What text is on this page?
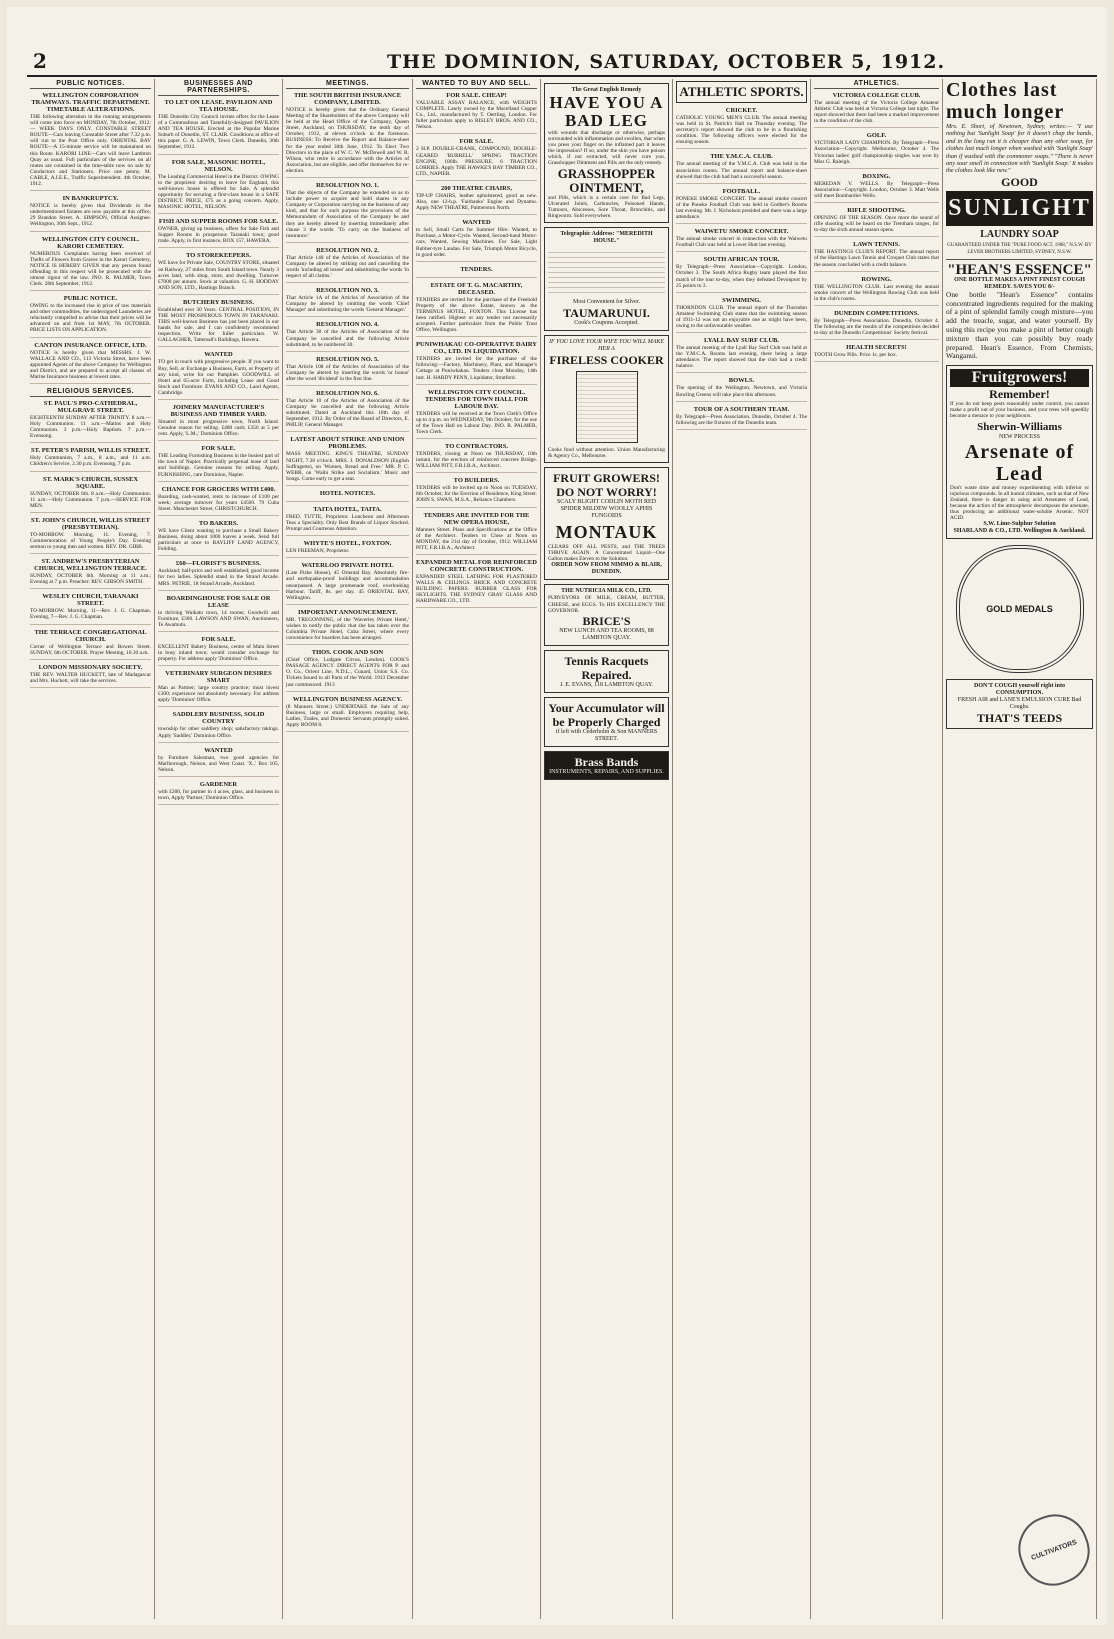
2	THE DOMINION, SATURDAY, OCTOBER 5, 1912.
PUBLIC NOTICES.
WELLINGTON CORPORATION TRAMWAYS. TRAFFIC DEPARTMENT. TIMETABLE ALTERATIONS.
THE following alteration in the running arrangements will come into force on MONDAY, 7th October, 1912:— WEEK DAYS ONLY. CONSTABLE STREET ROUTE—Cars leaving Constable Street after 7.32 p.m. will run to the Post Office only. ORIENTAL BAY ROUTE—A 15-minute service will be maintained on this Route. KARORI LINE—Cars will leave Lambton Quay as usual. Full particulars of the services on all routes are contained in the time-table now on sale by Conductors and Stationers. Price one penny. M. CABLE, A.I.E.E., Traffic Superintendent. 4th October, 1912.
IN BANKRUPTCY.
NOTICE is hereby given that Dividends in the undermentioned Estates are now payable at this office, 29 Brandon Street. A. SIMPSON, Official Assignee. Wellington, 30th Sept., 1912.
WELLINGTON CITY COUNCIL. KARORI CEMETERY.
NUMEROUS Complaints having been received of Thefts of Flowers from Graves in the Karori Cemetery, NOTICE IS HEREBY GIVEN that any person found offending in this respect will be prosecuted with the utmost rigour of the law. JNO. R. PALMER, Town Clerk. 28th September, 1912.
PUBLIC NOTICE.
OWING to the increased rise in price of raw materials and other commodities, the undersigned Launderies are reluctantly compelled to advise that their prices will be advanced on and from 1st MAY, 7th OCTOBER. PRICE LISTS ON APPLICATION.
CANTON INSURANCE OFFICE, LTD.
NOTICE is hereby given that MESSRS. J. W. WALLACE AND CO., 113 Victoria Street, have been appointed Agents of the above Company for Wellington and District, and are prepared to accept all classes of Marine Insurance business at lowest rates.
RELIGIOUS SERVICES.
ST. PAUL'S PRO-CATHEDRAL, MULGRAVE STREET.
EIGHTEENTH SUNDAY AFTER TRINITY. 8 a.m.—Holy Communion. 11 a.m.—Matins and Holy Communion. 3 p.m.—Holy Baptism. 7 p.m.—Evensong.
ST. PETER'S PARISH, WILLIS STREET.
Holy Communion, 7 a.m., 8 a.m., and 11 a.m. Children's Service, 2.30 p.m. Evensong, 7 p.m.
ST. MARK'S CHURCH, SUSSEX SQUARE.
SUNDAY, OCTOBER 6th. 8 a.m.—Holy Communion. 11 a.m.—Holy Communion. 7 p.m.—SERVICE FOR MEN.
ST. JOHN'S CHURCH, WILLIS STREET (PRESBYTERIAN).
TO-MORROW. Morning, 11. Evening, 7. Commemoration of Young People's Day. Evening sermon to young men and women. REV. DR. GIBB.
ST. ANDREW'S PRESBYTERIAN CHURCH, WELLINGTON TERRACE.
SUNDAY, OCTOBER 6th. Morning at 11 a.m.; Evening at 7 p.m. Preacher: REV. GIBSON SMITH.
WESLEY CHURCH, TARANAKI STREET.
TO-MORROW. Morning, 11—Rev. J. G. Chapman. Evening, 7—Rev. J. G. Chapman.
THE TERRACE CONGREGATIONAL CHURCH.
Corner of Wellington Terrace and Bowen Street. SUNDAY, 6th OCTOBER. Prayer Meeting, 10.30 a.m.
LONDON MISSIONARY SOCIETY.
THE REV. WALTER HUCKETT, late of Madagascar and Mrs. Huckett, will take the services.
BUSINESSES AND PARTNERSHIPS.
TO LET ON LEASE. PAVILION AND TEA HOUSE.
THE Dunedin City Council invites offers for the Lease of a Commodious and Tastefully-designed PAVILION AND TEA HOUSE, Erected at the Popular Marine Suburb of Dunedin, ST. CLAIR. Conditions at office of this paper. G. A. LEWIN, Town Clerk. Dunedin, 30th September, 1912.
FOR SALE, MASONIC HOTEL, NELSON.
The Leading Commercial Hotel in the District. OWING to the proprietor desiring to leave for England, this well-known house is offered for Sale. A splendid opportunity for securing a first-class house in a SAFE DISTRICT. PRICE, £75 as a going concern. Apply, MASONIC HOTEL, NELSON.
FISH AND SUPPER ROOMS FOR SALE.
OWNER, giving up business, offers for Sale Fish and Supper Rooms in prosperous Taranaki town; good trade. Apply, in first instance, BOX 157, HAWERA.
TO STOREKEEPERS.
WE have for Private Sale, COUNTRY STORE, situated on Railway, 27 miles from South Island town. Nearly 3 acres land, with shop, store, and dwelling. Turnover £7000 per annum. Stock at valuation. G. H. HODDAY AND SON, LTD., Hastings Branch.
BUTCHERY BUSINESS.
Established over 30 Years. CENTRAL POSITION, IN THE MOST PROSPEROUS TOWN IN TARANAKI. THIS well-known Business has just been placed in our hands for sale, and I can confidently recommend inspection. Write for fuller particulars. W. GALLAGHER, Tattersall's Buildings, Hawera.
WANTED
TO get in touch with progressive people. If you want to Buy, Sell, or Exchange a Business, Farm, or Property of any kind, write for our Pamphlet. GOODWILL of Hotel and 65-acre Farm, including Lease and Good Stock and Furniture. EVANS AND CO., Land Agents, Cambridge.
JOINERY MANUFACTURER'S BUSINESS AND TIMBER YARD.
Situated in most progressive town, North Island. Genuine reason for selling. £480 cash; £350 at 5 per cent. Apply, 'L.M.,' Dominion Office.
FOR SALE.
THE Leading Furnishing Business in the busiest part of the town of Napier. Practically perpetual lease of land and buildings. Genuine reasons for selling. Apply, FURNISHING, care Dominion, Napier.
CHANCE FOR GROCERS WITH £400.
Boarding, cash-wanted, rents to increase of £100 per week; average turnover for years £4500. 79 Cuba Street. Manchester Street, CHRISTCHURCH.
TO BAKERS.
WE have Client wanting to purchase a Small Bakery Business, doing about 1000 loaves a week. Send full particulars at once to BAYLIFF LAND AGENCY, Feilding.
£60—FLORIST'S BUSINESS.
Auckland; half-price and well established; good income for two ladies. Splendid stand in the Strand Arcade. MRS. PETRIE, 18 Strand Arcade, Auckland.
BOARDINGHOUSE FOR SALE OR LEASE
in thriving Waikato town, 14 rooms; Goodwill and Furniture, £300. LAWSON AND SWAN, Auctioneers, Te Awamutu.
FOR SALE.
EXCELLENT Bakery Business, centre of Main Street in busy inland town; would consider exchange for property. For address apply 'Dominion' Office.
VETERINARY SURGEON DESIRES SMART
Man as Partner; large country practice; must invest £300; experience not absolutely necessary. For address apply 'Dominion' Office.
SADDLERY BUSINESS, SOLID COUNTRY
township for other saddlery shop; satisfactory takings. Apply 'Saddler,' Dominion Office.
WANTED
by Furniture Salesman, two good agencies for Marlborough, Nelson, and West Coast. 'X.,' Box 105, Nelson.
GARDENER
with £200, for partner in 4 acres, glass, and business in town, Apply 'Partner,' Dominion Office.
MEETINGS.
THE SOUTH BRITISH INSURANCE COMPANY, LIMITED.
NOTICE is hereby given that the Ordinary General Meeting of the Shareholders of the above Company will be held at the Head Office of the Company, Queen Street, Auckland, on THURSDAY, the tenth day of October, 1912, at eleven o'clock in the forenoon. BUSINESS: To Receive the Report and Balance-sheet for the year ended 30th June, 1912. To Elect Two Directors in the place of W. C. W. McDowell and W. R. Wilson, who retire in accordance with the Articles of Association, but are eligible, and offer themselves for re-election.
RESOLUTION NO. 1.
That the objects of the Company be extended so as to include power to acquire and hold shares in any Company or Corporation carrying on the business of any kind, and that for such purpose the provisions of the Memorandum of Association of the Company be and they are hereby altered by inserting immediately after clause 3 the words: 'To carry on the business of insurance.'
RESOLUTION NO. 2.
That Article 140 of the Articles of Association of the Company be altered by striking out and cancelling the words 'including all losses' and substituting the words 'in respect of all claims.'
RESOLUTION NO. 3.
That Article 1A of the Articles of Association of the Company be altered by omitting the words 'Chief Manager' and substituting the words 'General Manager.'
RESOLUTION NO. 4.
That Article 30 of the Articles of Association of the Company be cancelled and the following Article substituted, to be numbered 30.
RESOLUTION NO. 5.
That Article 108 of the Articles of Association of the Company be altered by inserting the words 'or bonus' after the word 'dividend' in the first line.
RESOLUTION NO. 6.
That Article 10 of the Articles of Association of the Company be cancelled and the following Article substituted. Dated at Auckland this 18th day of September, 1912. By Order of the Board of Directors, E. PHILIP, General Manager.
LATEST ABOUT STRIKE AND UNION PROBLEMS.
MASS MEETING. KING'S THEATRE, SUNDAY NIGHT, 7.30 o'clock. MRS. J. DONALDSON (English Suffragette), on 'Women, Bread and Free.' MR. P. C. WEBB, on 'Waihi Strike and Socialism.' Music and Songs. Come early to get a seat.
HOTEL NOTICES.
TAITA HOTEL, TAITA.
FRED. TUTTE, Proprietor. Luncheon and Afternoon Teas a Speciality. Only Best Brands of Liquor Stocked. Prompt and Courteous Attention.
WHYTE'S HOTEL, FOXTON.
LEN FREEMAN, Proprietor.
WATERLOO PRIVATE HOTEL
(Late Pizhe House), 45 Oriental Bay. Absolutely fire- and earthquake-proof buildings and accommodation unsurpassed. A large promenade roof, overlooking Harbour. Tariff, 8s. per day. 45 ORIENTAL BAY, Wellington.
IMPORTANT ANNOUNCEMENT.
MR. TREGONNING, of the 'Waverley Private Hotel,' wishes to notify the public that she has taken over the Columbia Private Hotel, Cuba Street, where every convenience for boarders has been arranged.
THOS. COOK AND SON
(Chief Office, Ludgate Circus, London). COOK'S PASSAGE AGENCY. DIRECT AGENTS FOR P. and O. Co., Orient Line, N.D.L., Cunard, Union S.S. Co. Tickets Issued to all Parts of the World. 1913 December just commenced. 1913
WELLINGTON BUSINESS AGENCY.
(8 Manners Street.) UNDERTAKE the Sale of any Business, large or small. Employers requiring help, Ladies, Trades, and Domestic Servants promptly suited. Apply ROOM 8.
WANTED TO BUY AND SELL.
FOR SALE. CHEAP!
VALUABLE ASSAY BALANCE, with WEIGHTS COMPLETE. Lately owned by the Macelland Copper Co., Ltd., manufactured by T. Oertling, London. For fuller particulars apply to BISLEY BROS. AND CO., Nelson.
FOR SALE.
2 H.P. DOUBLE-CRANK, COMPOUND, DOUBLE-GEARED 'BURRELL' SPRING TRACTION ENGINE, 180lb. PRESSURE. 6 TRACTION LORRIES. Apply THE HAWKE'S BAY TIMBER CO., LTD., NAPIER.
200 THEATRE CHAIRS,
TIP-UP CHAIRS, leather upholstered, good as new. Also, one 12-h.p. 'Fairbanks' Engine and Dynamo. Apply NEW THEATRE, Palmerston North.
WANTED
to Sell, Small Carts for Summer Hire. Wanted, to Purchase, a Motor-Cycle. Wanted, Second-hand Motor-cars. Wanted, Sewing Machines. For Sale, Light Rubber-tyre Landau. For Sale, Triumph Motor Bicycle, in good order.
TENDERS.
ESTATE OF T. G. MACARTHY, DECEASED.
TENDERS are invited for the purchase of the Freehold Property of the above Estate, known as the TERMINUS HOTEL, FOXTON. This License has been ratified. Highest or any tender not necessarily accepted. Further particulars from the Public Trust Office, Wellington.
PUNIWHAKAU CO-OPERATIVE DAIRY CO., LTD. IN LIQUIDATION.
TENDERS are invited for the purchase of the following:—Factory, Machinery, Plant, and Manager's Cottage at Puniwhakau. Tenders close Monday, 14th inst. H. HARDY PENN, Liquidator, Stratford.
WELLINGTON CITY COUNCIL. TENDERS FOR TOWN HALL FOR LABOUR DAY.
TENDERS will be received at the Town Clerk's Office up to 4 p.m. on WEDNESDAY, 9th October, for the use of the Town Hall on Labour Day. JNO. R. PALMER, Town Clerk.
TO CONTRACTORS.
TENDERS, closing at Noon on THURSDAY, 10th instant, for the erection of reinforced concrete Bridge. WILLIAM PITT, F.R.I.B.A., Architect.
TO BUILDERS.
TENDERS will be invited up to Noon on TUESDAY, 8th October, for the Erection of Residence, King Street. JOHN S. SWAN, M.S.A., Reliance Chambers.
TENDERS ARE INVITED FOR THE NEW OPERA HOUSE,
Manners Street. Plans and Specifications at the Office of the Architect. Tenders to Close at Noon on MONDAY, the 21st day of October, 1912. WILLIAM PITT, F.R.I.B.A., Architect.
EXPANDED METAL FOR REINFORCED CONCRETE CONSTRUCTION.
EXPANDED STEEL LATHING FOR PLASTERED WALLS & CEILINGS. BRICK AND CONCRETE BUILDING PAPERS. RUBBER GLASS FOR SKYLIGHTS. THE SYDNEY GRAY GLASS AND HARDWARE CO., LTD.
The Great English Remedy
HAVE YOU A BAD LEG
with wounds that discharge or otherwise, perhaps surrounded with inflammation and swollen, that when you press your finger on the inflamed part it leaves the impression? If so, under the skin you have poison which, if not extracted, will never cure you. Grasshopper Ointment and Pills are the only remedy.
GRASSHOPPER OINTMENT,
and Pills, which is a certain cure for Bad Legs, Ulcerated Joints, Carbuncles, Poisoned Hands, Tumours, Abscesses, Sore Throat, Bronchitis, and Ringworm. Sold everywhere.
Telegraphic Address: "MEREDITH HOUSE."
Most Convenient for Silver.
TAUMARUNUI.
Cook's Coupons Accepted.
IF YOU LOVE YOUR WIFE YOU WILL MAKE HER A
FIRELESS COOKER
Cooks food without attention. Union Manufacturing & Agency Co., Melbourne.
FRUIT GROWERS!
DO NOT WORRY!
SCALY BLIGHT CODLIN MOTH RED SPIDER MILDEW WOOLLY APHIS FUNGOIDS
MONTAUK
CLEARS OFF ALL PESTS, and THE TREES THRIVE AGAIN. A Concentrated Liquid—One Gallon makes Eleven to the Solution.
ORDER NOW FROM NIMMO & BLAIR, DUNEDIN.
THE NUTRICIA MILK CO., LTD.
PURVEYORS OF MILK, CREAM, BUTTER, CHEESE, and EGGS. To HIS EXCELLENCY THE GOVERNOR.
BRICE'S
NEW LUNCH AND TEA ROOMS, 88 LAMBTON QUAY.
Tennis Racquets Repaired.
J. E. EVANS, 118 LAMBTON QUAY.
Your Accumulator will be Properly Charged
if left with Cederholm & Son MANNERS STREET.
Brass Bands
INSTRUMENTS, REPAIRS, AND SUPPLIES.
ATHLETIC SPORTS.
CRICKET.
CATHOLIC YOUNG MEN'S CLUB. The annual meeting was held in St. Patrick's Hall on Thursday evening. The secretary's report showed the club to be in a flourishing condition. The following officers were elected for the ensuing season.
THE Y.M.C.A. CLUB.
The annual meeting of the Y.M.C.A. Club was held in the association rooms. The annual report and balance-sheet showed that the club had had a successful season.
FOOTBALL.
PONEKE SMOKE CONCERT. The annual smoke concert of the Poneke Football Club was held in Godber's Rooms last evening. Mr. J. Nicholson presided and there was a large attendance.
WAIWETU SMOKE CONCERT.
The annual smoke concert in connection with the Waiwetu Football Club was held at Lower Hutt last evening.
SOUTH AFRICAN TOUR.
By Telegraph—Press Association—Copyright. London, October 3. The South Africa Rugby team played the first match of the tour to-day, when they defeated Devonport by 25 points to 3.
SWIMMING.
THORNDON CLUB. The annual report of the Thorndon Amateur Swimming Club states that the swimming season of 1911-12 was not an enjoyable one as might have been, owing to the unfavourable weather.
LYALL BAY SURF CLUB.
The annual meeting of the Lyall Bay Surf Club was held at the Y.M.C.A. Rooms last evening, there being a large attendance. The report showed that the club had a credit balance.
BOWLS.
The opening of the Wellington, Newtown, and Victoria Bowling Greens will take place this afternoon.
TOUR OF A SOUTHERN TEAM.
By Telegraph—Press Association. Dunedin, October 4. The following are the fixtures of the Dunedin team.
ATHLETICS.
VICTORIA COLLEGE CLUB.
The annual meeting of the Victoria College Amateur Athletic Club was held at Victoria College last night. The report showed that there had been a marked improvement in the condition of the club.
GOLF.
VICTORIAN LADY CHAMPION. By Telegraph—Press Association—Copyright. Melbourne, October 4. The Victorian ladies' golf championship singles was won by Miss G. Raleigh.
BOXING.
MEREDAN V. WELLS. By Telegraph—Press Association—Copyright. London, October 3. Matt Wells will meet Bombardier Wells.
RIFLE SHOOTING.
OPENING OF THE SEASON. Once more the sound of rifle shooting will be heard on the Trentham ranges, for to-day the sixth annual season opens.
LAWN TENNIS.
THE HASTINGS CLUB'S REPORT. The annual report of the Hastings Lawn Tennis and Croquet Club states that the season concluded with a credit balance.
ROWING.
THE WELLINGTON CLUB. Last evening the annual smoke concert of the Wellington Rowing Club was held in the club's rooms.
DUNEDIN COMPETITIONS.
By Telegraph—Press Association. Dunedin, October 4. The following are the results of the competitions decided to-day at the Dunedin Competitions' Society festival.
HEALTH SECRETS!
TOOTH Grow Pills. Price 1s. per box.
Clothes last much longer
Mrs. E. Short, of Newtown, Sydney, writes:— "I use nothing but 'Sunlight Soap' for it doesn't chap the hands, and in the long run it is cheaper than any other soap, for clothes last much longer when washed with 'Sunlight Soap' than if washed with the commoner soaps." "There is never any sour smell in connection with 'Sunlight Soap.' It makes the clothes look like new."
GOOD
SUNLIGHT
LAUNDRY SOAP
GUARANTEED UNDER THE "PURE FOOD ACT, 1908," N.S.W. BY LEVER BROTHERS LIMITED, SYDNEY, N.S.W.
"HEAN'S ESSENCE"
ONE BOTTLE MAKES A PINT FINEST COUGH REMEDY. SAVES YOU 8/-
One bottle "Hean's Essence" contains concentrated ingredients required for the making of a pint of splendid family cough mixture—you add the treacle, sugar, and water yourself. By using this recipe you make a pint of better cough mixture than you can possibly buy ready prepared. Hean's Essence. From Chemists, Wanganui.
Fruitgrowers!
Remember!
If you do not keep pests reasonably under control, you cannot make a profit out of your business, and your trees will speedily become a menace to your neighbours.
Sherwin-Williams
NEW PROCESS
Arsenate of Lead
Don't waste time and money experimenting with inferior or injurious compounds. In all humid climates, such as that of New Zealand, there is danger in using acid Arsenates of Lead, because the action of the atmospheric decomposes the arsenate, thus producing an additional water-soluble Arsenic. NOT ACID.
S.W. Lime-Sulphur Solution
SHARLAND & CO., LTD. Wellington & Auckland.
GOLD MEDALS
DON'T COUGH yourself right into CONSUMPTION.
FRESH AIR and LANE'S EMULSION CURE Bad Coughs.
THAT'S TEEDS
CULTIVATORS
